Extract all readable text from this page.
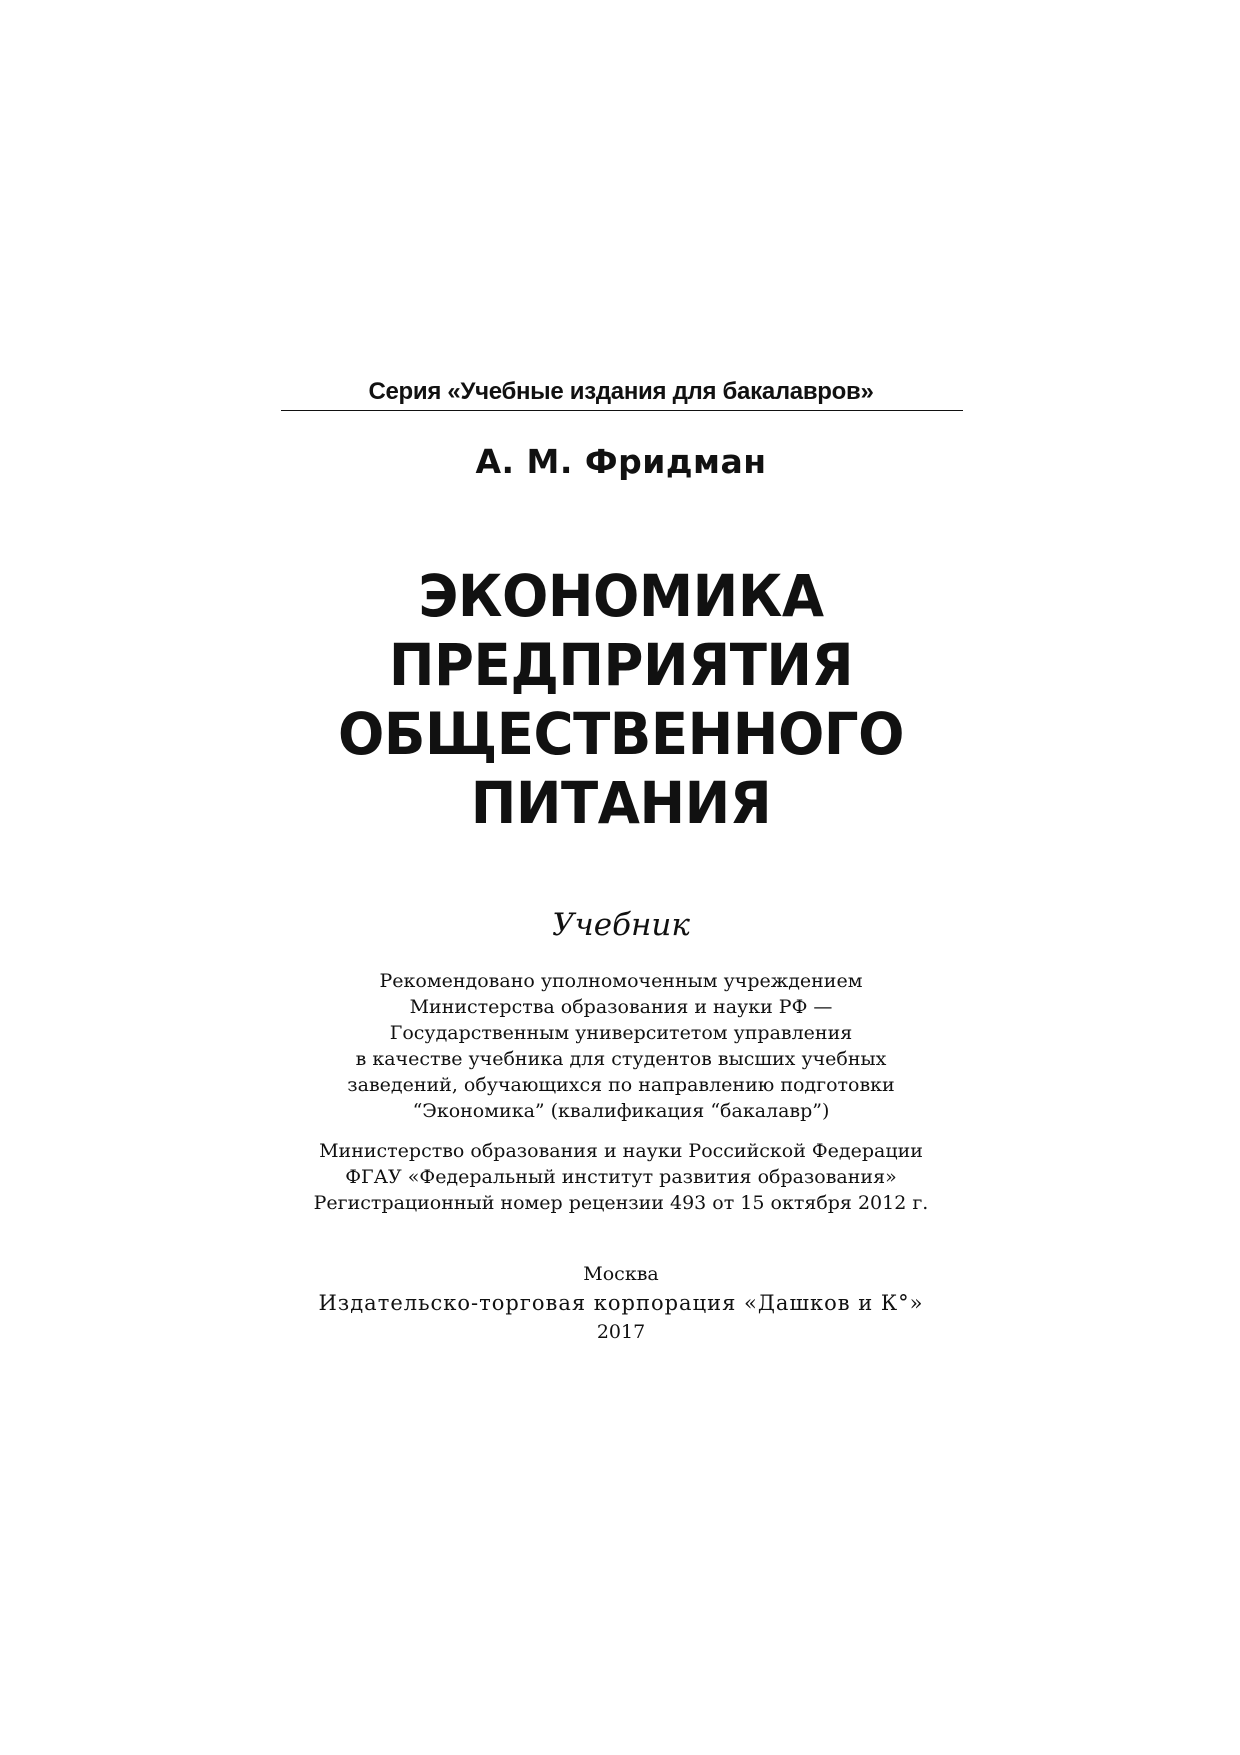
Серия «Учебные издания для бакалавров»
А. М. Фридман
ЭКОНОМИКА
ПРЕДПРИЯТИЯ
ОБЩЕСТВЕННОГО
ПИТАНИЯ
Учебник
Рекомендовано уполномоченным учреждением
Министерства образования и науки РФ —
Государственным университетом управления
в качестве учебника для студентов высших учебных
заведений, обучающихся по направлению подготовки
“Экономика” (квалификация “бакалавр”)
Министерство образования и науки Российской Федерации
ФГАУ «Федеральный институт развития образования»
Регистрационный номер рецензии 493 от 15 октября 2012 г.
Москва
Издательско-торговая корпорация «Дашков и К°»
2017
